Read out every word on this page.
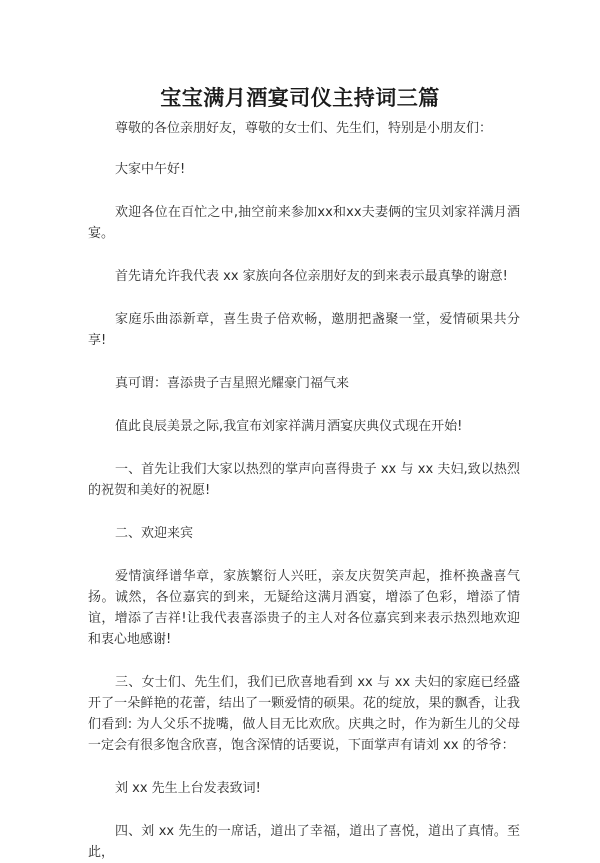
宝宝满月酒宴司仪主持词三篇

尊敬的各位亲朋好友，尊敬的女士们、先生们，特别是小朋友们：

大家中午好!

欢迎各位在百忙之中,抽空前来参加xx和xx夫妻俩的宝贝刘家祥满月酒宴。

首先请允许我代表 xx 家族向各位亲朋好友的到来表示最真挚的谢意!

家庭乐曲添新章，喜生贵子倍欢畅，邀朋把盏聚一堂，爱情硕果共分享!

真可谓：喜添贵子吉星照光耀豪门福气来

值此良辰美景之际,我宣布刘家祥满月酒宴庆典仪式现在开始!

一、首先让我们大家以热烈的掌声向喜得贵子 xx 与 xx 夫妇,致以热烈的祝贺和美好的祝愿!

二、欢迎来宾

爱情演绎谱华章，家族繁衍人兴旺，亲友庆贺笑声起，推杯换盏喜气扬。诚然，各位嘉宾的到来，无疑给这满月酒宴，增添了色彩，增添了情谊，增添了吉祥!让我代表喜添贵子的主人对各位嘉宾到来表示热烈地欢迎和衷心地感谢!

三、女士们、先生们，我们已欣喜地看到 xx 与 xx 夫妇的家庭已经盛开了一朵鲜艳的花蕾，结出了一颗爱情的硕果。花的绽放，果的飘香，让我们看到: 为人父乐不拢嘴，做人目无比欢欣。庆典之时，作为新生儿的父母一定会有很多饱含欣喜，饱含深情的话要说，下面掌声有请刘 xx 的爷爷：

刘 xx 先生上台发表致词!

四、刘 xx 先生的一席话，道出了幸福，道出了喜悦，道出了真情。至此，
